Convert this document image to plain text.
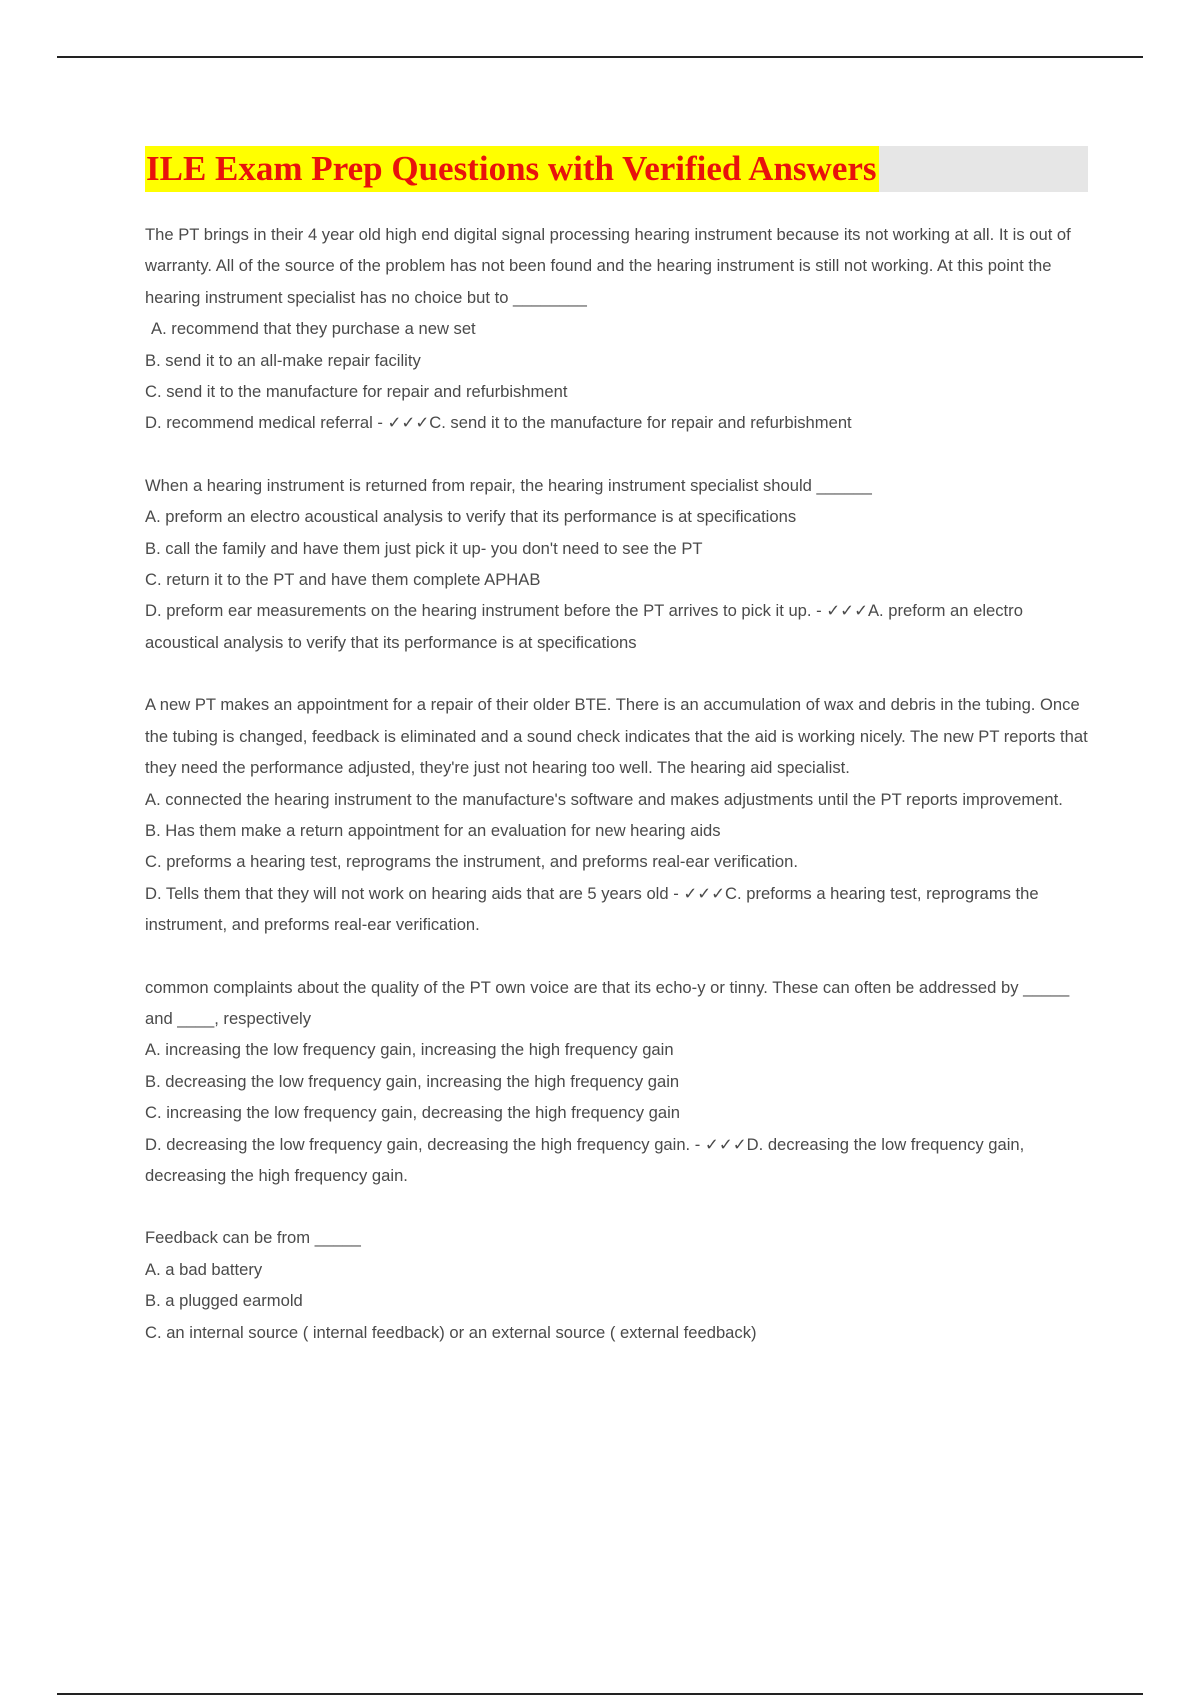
ILE Exam Prep Questions with Verified Answers

The PT brings in their 4 year old high end digital signal processing hearing instrument because its not working at all. It is out of warranty. All of the source of the problem has not been found and the hearing instrument is still not working. At this point the hearing instrument specialist has no choice but to ________

A. recommend that they purchase a new set

B. send it to an all-make repair facility

C. send it to the manufacture for repair and refurbishment

D. recommend medical referral - ✓✓✓C. send it to the manufacture for repair and refurbishment

When a hearing instrument is returned from repair, the hearing instrument specialist should ______

A. preform an electro acoustical analysis to verify that its performance is at specifications

B. call the family and have them just pick it up- you don't need to see the PT

C. return it to the PT and have them complete APHAB

D. preform ear measurements on the hearing instrument before the PT arrives to pick it up. - ✓✓✓A. preform an electro acoustical analysis to verify that its performance is at specifications

A new PT makes an appointment for a repair of their older BTE. There is an accumulation of wax and debris in the tubing. Once the tubing is changed, feedback is eliminated and a sound check indicates that the aid is working nicely. The new PT reports that they need the performance adjusted, they're just not hearing too well. The hearing aid specialist.

A. connected the hearing instrument to the manufacture's software and makes adjustments until the PT reports improvement.

B. Has them make a return appointment for an evaluation for new hearing aids

C. preforms a hearing test, reprograms the instrument, and preforms real-ear verification.

D. Tells them that they will not work on hearing aids that are 5 years old - ✓✓✓C. preforms a hearing test, reprograms the instrument, and preforms real-ear verification.

common complaints about the quality of the PT own voice are that its echo-y or tinny. These can often be addressed by _____ and ____, respectively

A. increasing the low frequency gain, increasing the high frequency gain

B. decreasing the low frequency gain, increasing the high frequency gain

C. increasing the low frequency gain, decreasing the high frequency gain

D. decreasing the low frequency gain, decreasing the high frequency gain. - ✓✓✓D. decreasing the low frequency gain, decreasing the high frequency gain.

Feedback can be from _____

A. a bad battery

B. a plugged earmold

C. an internal source ( internal feedback) or an external source ( external feedback)
